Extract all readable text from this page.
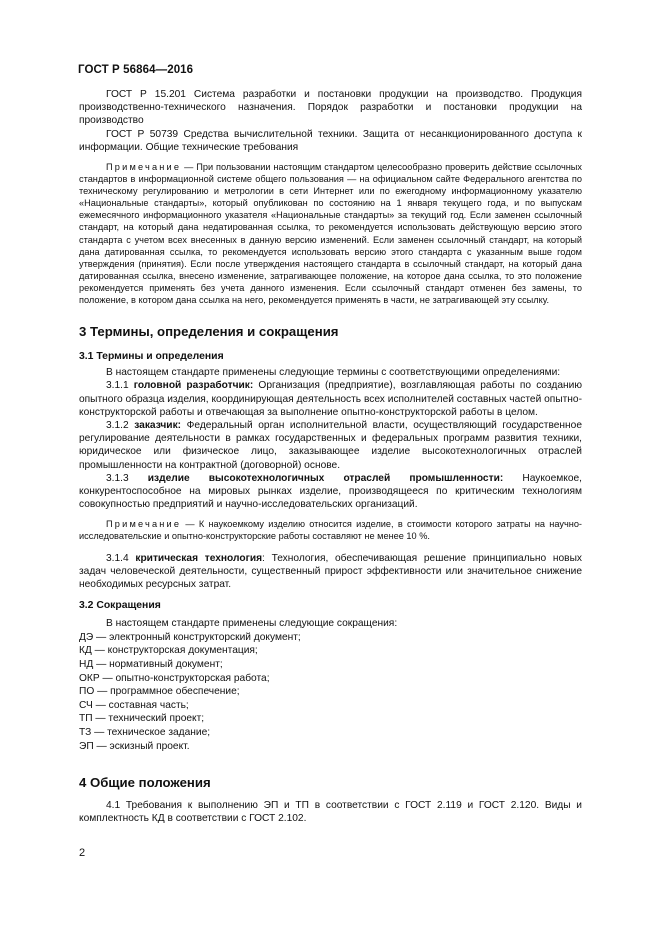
ГОСТ Р 56864—2016

ГОСТ Р 15.201 Система разработки и постановки продукции на производство. Продукция производственно-технического назначения. Порядок разработки и постановки продукции на производство

ГОСТ Р 50739 Средства вычислительной техники. Защита от несанкционированного доступа к информации. Общие технические требования

Примечание — При пользовании настоящим стандартом целесообразно проверить действие ссылочных стандартов в информационной системе общего пользования — на официальном сайте Федерального агентства по техническому регулированию и метрологии в сети Интернет или по ежегодному информационному указателю «Национальные стандарты», который опубликован по состоянию на 1 января текущего года, и по выпускам ежемесячного информационного указателя «Национальные стандарты» за текущий год. Если заменен ссылочный стандарт, на который дана недатированная ссылка, то рекомендуется использовать действующую версию этого стандарта с учетом всех внесенных в данную версию изменений. Если заменен ссылочный стандарт, на который дана датированная ссылка, то рекомендуется использовать версию этого стандарта с указанным выше годом утверждения (принятия). Если после утверждения настоящего стандарта в ссылочный стандарт, на который дана датированная ссылка, внесено изменение, затрагивающее положение, на которое дана ссылка, то это положение рекомендуется применять без учета данного изменения. Если ссылочный стандарт отменен без замены, то положение, в котором дана ссылка на него, рекомендуется применять в части, не затрагивающей эту ссылку.

3 Термины, определения и сокращения
3.1 Термины и определения

В настоящем стандарте применены следующие термины с соответствующими определениями:

3.1.1 головной разработчик: Организация (предприятие), возглавляющая работы по созданию опытного образца изделия, координирующая деятельность всех исполнителей составных частей опытно-конструкторской работы и отвечающая за выполнение опытно-конструкторской работы в целом.

3.1.2 заказчик: Федеральный орган исполнительной власти, осуществляющий государственное регулирование деятельности в рамках государственных и федеральных программ развития техники, юридическое или физическое лицо, заказывающее изделие высокотехнологичных отраслей промышленности на контрактной (договорной) основе.

3.1.3 изделие высокотехнологичных отраслей промышленности: Наукоемкое, конкурентоспособное на мировых рынках изделие, производящееся по критическим технологиям совокупностью предприятий и научно-исследовательских организаций.

Примечание — К наукоемкому изделию относится изделие, в стоимости которого затраты на научно-исследовательские и опытно-конструкторские работы составляют не менее 10 %.

3.1.4 критическая технология: Технология, обеспечивающая решение принципиально новых задач человеческой деятельности, существенный прирост эффективности или значительное снижение необходимых ресурсных затрат.

3.2 Сокращения

В настоящем стандарте применены следующие сокращения:

ДЭ — электронный конструкторский документ;

КД — конструкторская документация;

НД — нормативный документ;

ОКР — опытно-конструкторская работа;

ПО — программное обеспечение;

СЧ — составная часть;

ТП — технический проект;

ТЗ — техническое задание;

ЭП — эскизный проект.

4 Общие положения

4.1 Требования к выполнению ЭП и ТП в соответствии с ГОСТ 2.119 и ГОСТ 2.120. Виды и комплектность КД в соответствии с ГОСТ 2.102.

2
